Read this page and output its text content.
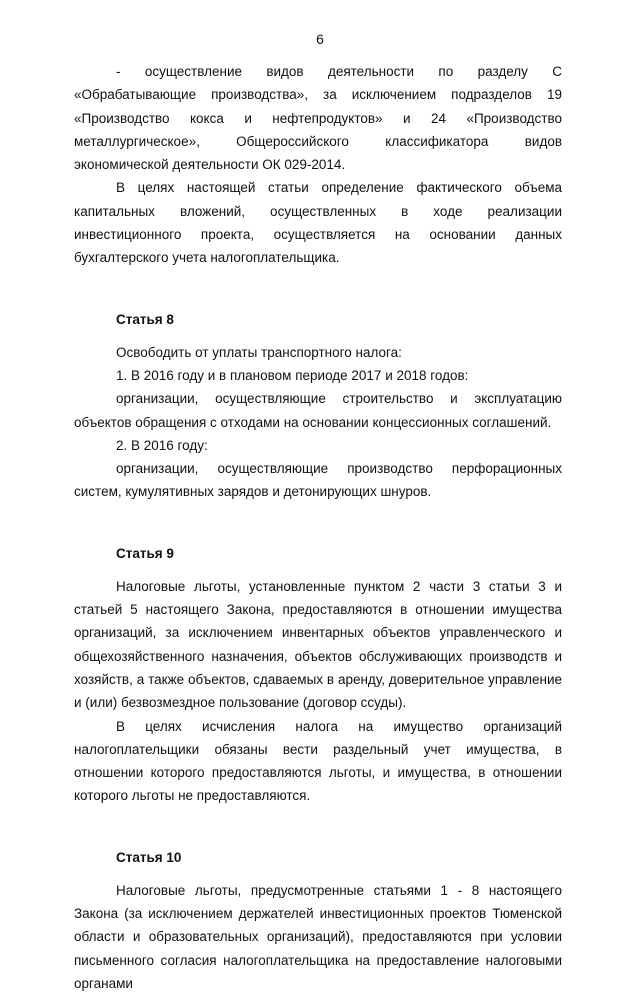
6

- осуществление видов деятельности по разделу С «Обрабатывающие производства», за исключением подразделов 19 «Производство кокса и нефтепродуктов» и 24 «Производство металлургическое», Общероссийского классификатора видов экономической деятельности ОК 029-2014.

В целях настоящей статьи определение фактического объема капитальных вложений, осуществленных в ходе реализации инвестиционного проекта, осуществляется на основании данных бухгалтерского учета налогоплательщика.

Статья 8

Освободить от уплаты транспортного налога:

1. В 2016 году и в плановом периоде 2017 и 2018 годов:

организации, осуществляющие строительство и эксплуатацию объектов обращения с отходами на основании концессионных соглашений.

2. В 2016 году:

организации, осуществляющие производство перфорационных систем, кумулятивных зарядов и детонирующих шнуров.

Статья 9

Налоговые льготы, установленные пунктом 2 части 3 статьи 3 и статьей 5 настоящего Закона, предоставляются в отношении имущества организаций, за исключением инвентарных объектов управленческого и общехозяйственного назначения, объектов обслуживающих производств и хозяйств, а также объектов, сдаваемых в аренду, доверительное управление и (или) безвозмездное пользование (договор ссуды).

В целях исчисления налога на имущество организаций налогоплательщики обязаны вести раздельный учет имущества, в отношении которого предоставляются льготы, и имущества, в отношении которого льготы не предоставляются.

Статья 10

Налоговые льготы, предусмотренные статьями 1 - 8 настоящего Закона (за исключением держателей инвестиционных проектов Тюменской области и образовательных организаций), предоставляются при условии письменного согласия налогоплательщика на предоставление налоговыми органами
